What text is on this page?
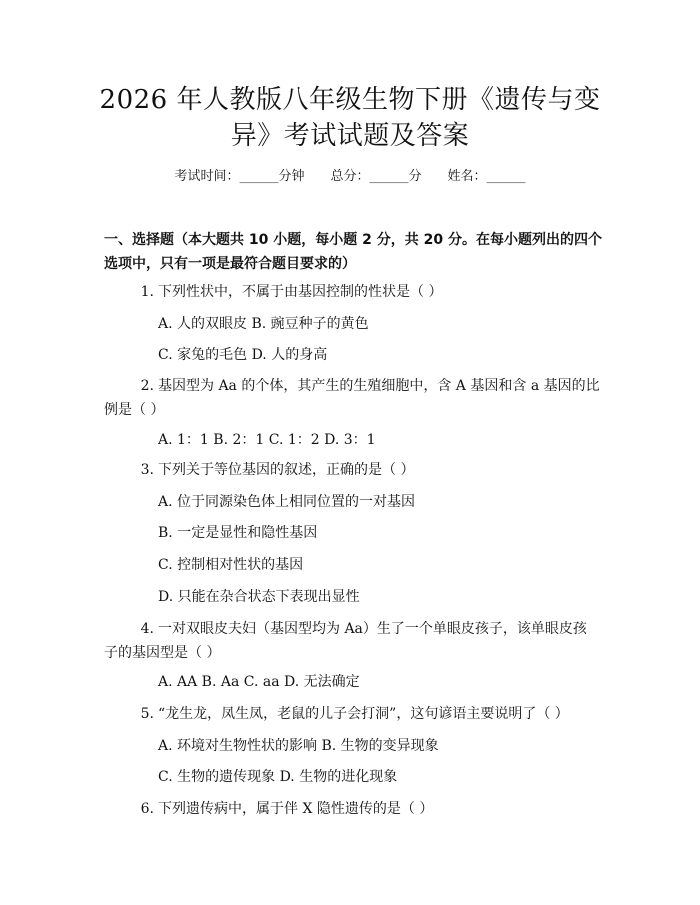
2026 年人教版八年级生物下册《遗传与变
异》考试试题及答案
考试时间：______分钟 总分：______分 姓名：______
一、选择题（本大题共 10 小题，每小题 2 分，共 20 分。在每小题列出的四个选项中，只有一项是最符合题目要求的）
1. 下列性状中，不属于由基因控制的性状是（ ）
A. 人的双眼皮 B. 豌豆种子的黄色
C. 家兔的毛色 D. 人的身高
2. 基因型为 Aa 的个体，其产生的生殖细胞中，含 A 基因和含 a 基因的比例是（ ）
A. 1：1 B. 2：1 C. 1：2 D. 3：1
3. 下列关于等位基因的叙述，正确的是（ ）
A. 位于同源染色体上相同位置的一对基因
B. 一定是显性和隐性基因
C. 控制相对性状的基因
D. 只能在杂合状态下表现出显性
4. 一对双眼皮夫妇（基因型均为 Aa）生了一个单眼皮孩子，该单眼皮孩子的基因型是（ ）
A. AA B. Aa C. aa D. 无法确定
5. “龙生龙，凤生凤，老鼠的儿子会打洞”，这句谚语主要说明了（ ）
A. 环境对生物性状的影响 B. 生物的变异现象
C. 生物的遗传现象 D. 生物的进化现象
6. 下列遗传病中，属于伴 X 隐性遗传的是（ ）
